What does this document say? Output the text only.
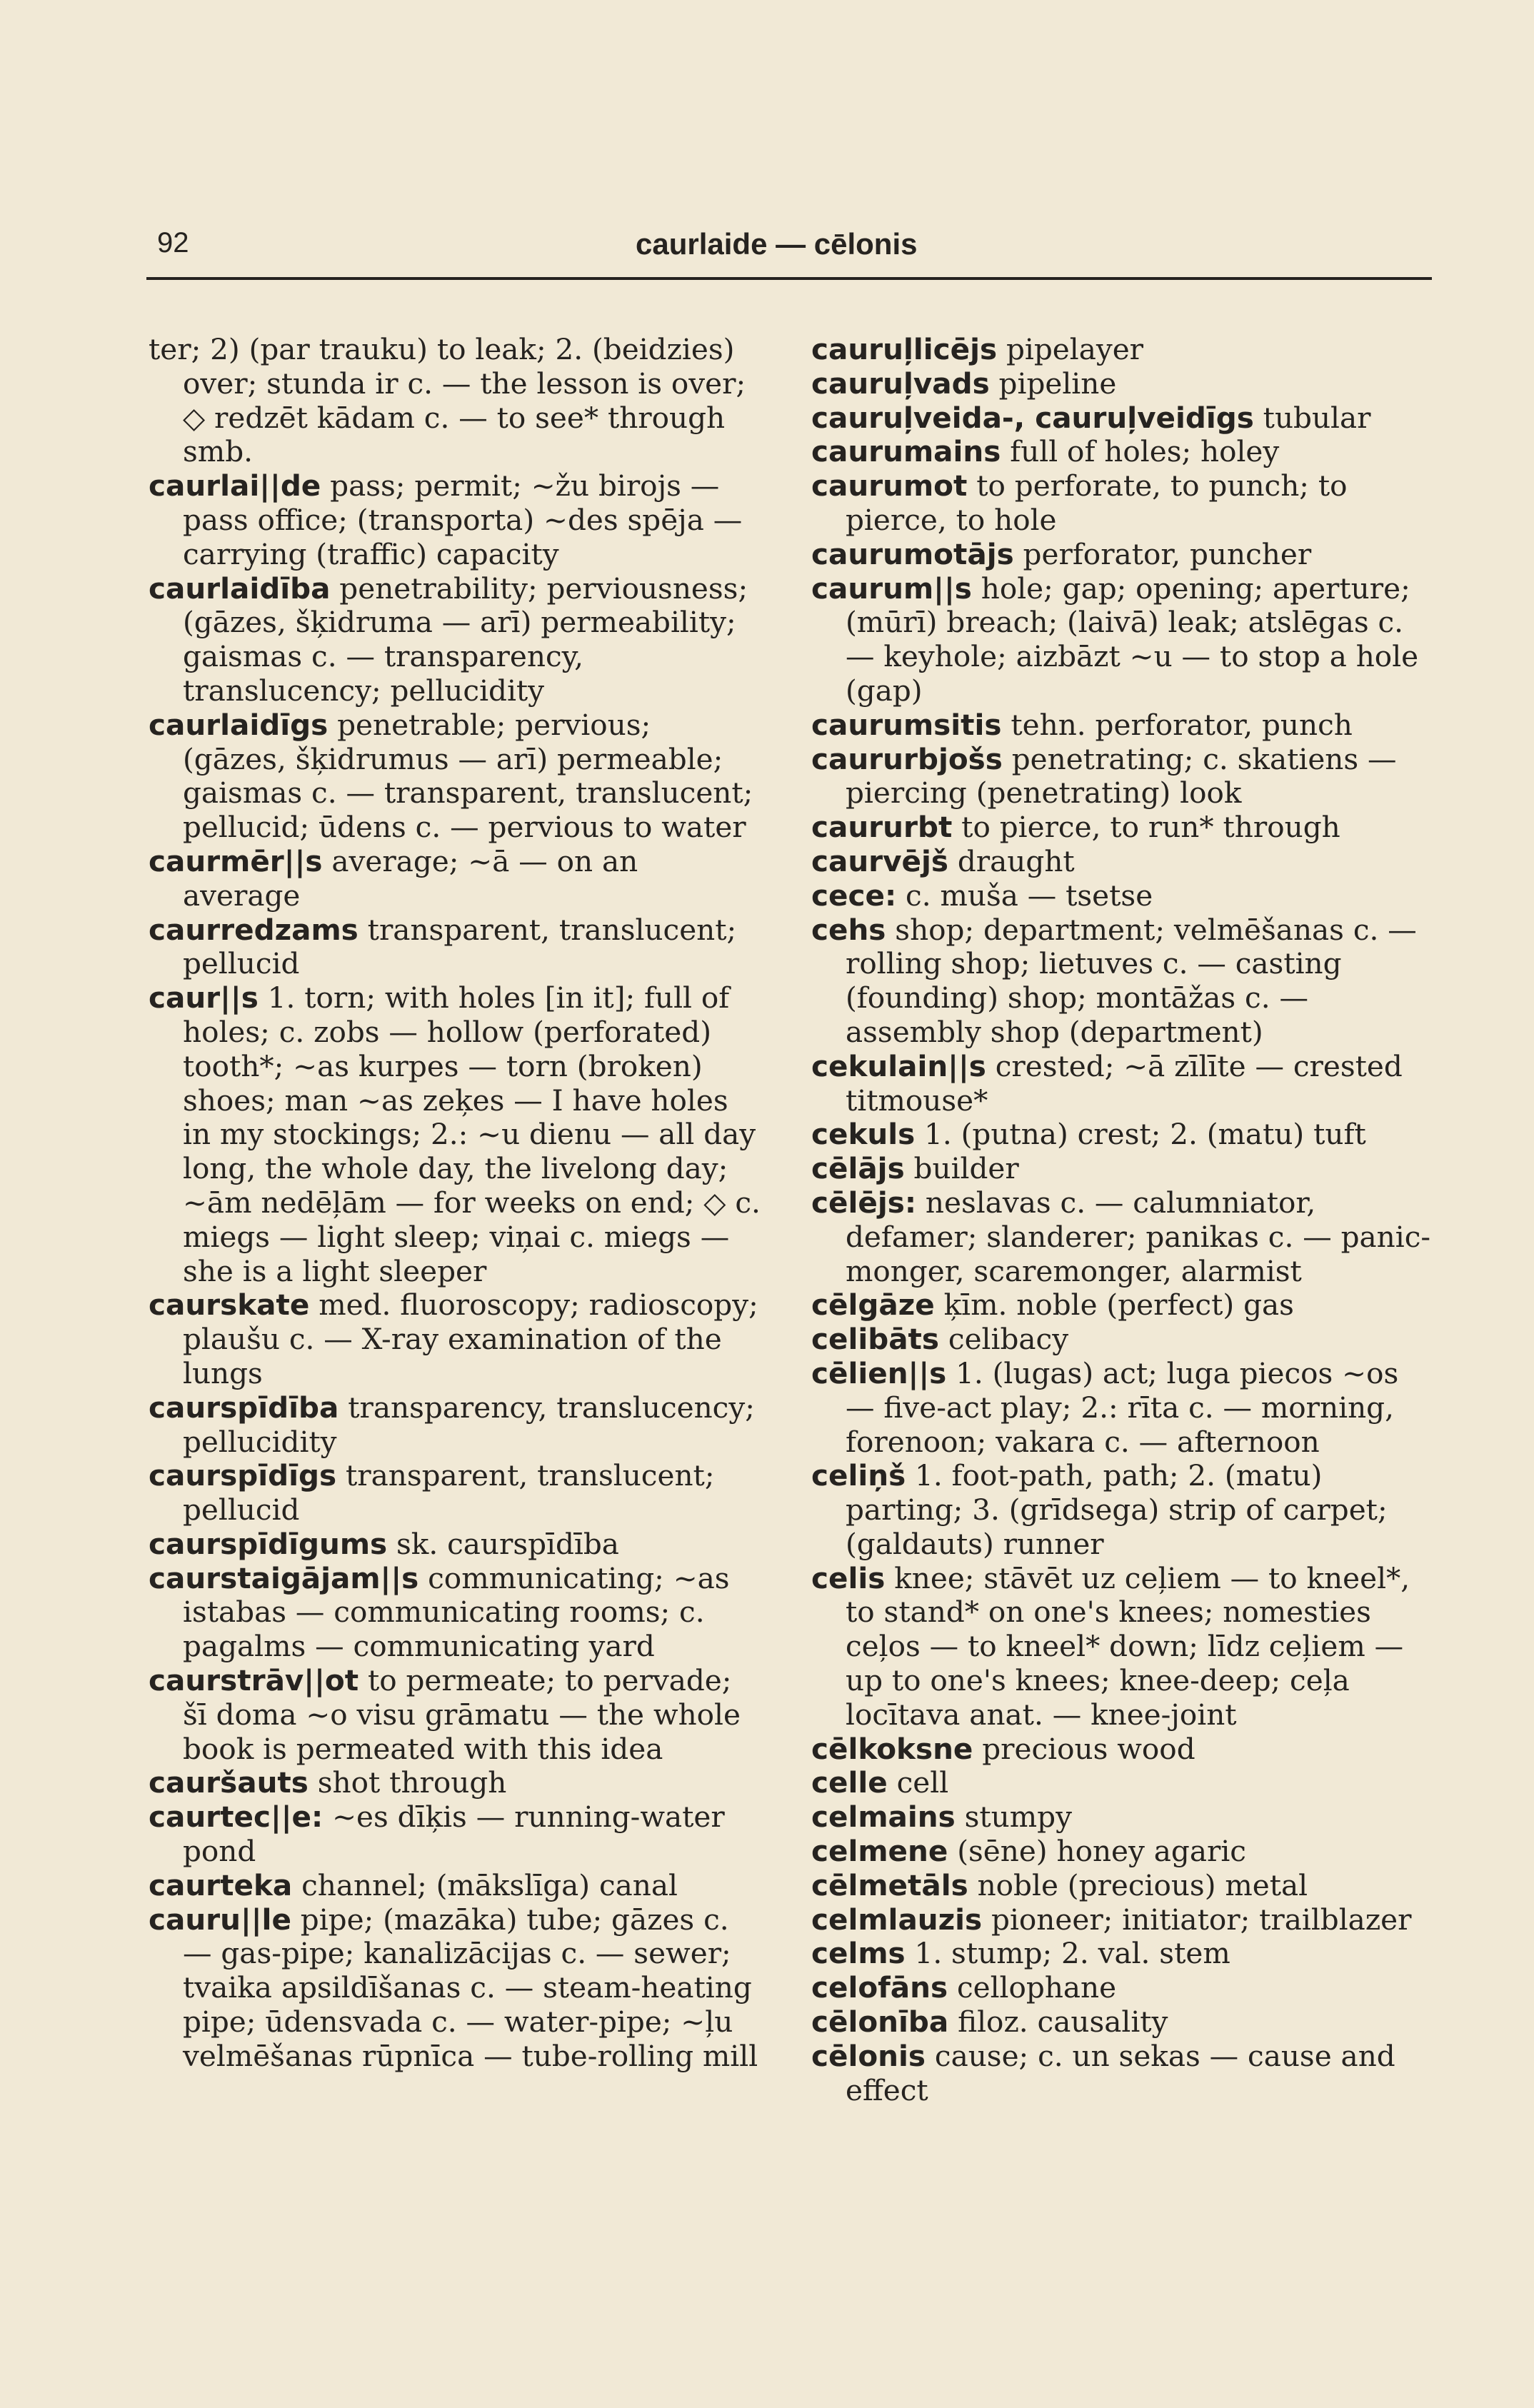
92	caurlaide — cēlonis

ter; 2) (par trauku) to leak; 2. (beidzies) over; stunda ir c. — the lesson is over; ◇ redzēt kādam c. — to see* through smb.

caurlai||de pass; permit; ~žu birojs — pass office; (transporta) ~des spēja — carrying (traffic) capacity

caurlaidība penetrability; perviousness; (gāzes, šķidruma — arī) permeability; gaismas c. — transparency, translucency; pellucidity

caurlaidīgs penetrable; pervious; (gāzes, šķidrumus — arī) permeable; gaismas c. — transparent, translucent; pellucid; ūdens c. — pervious to water

caurmēr||s average; ~ā — on an average

caurredzams transparent, translucent; pellucid

caur||s 1. torn; with holes [in it]; full of holes; c. zobs — hollow (perforated) tooth*; ~as kurpes — torn (broken) shoes; man ~as zeķes — I have holes in my stockings; 2.: ~u dienu — all day long, the whole day, the livelong day; ~ām nedēļām — for weeks on end; ◇ c. miegs — light sleep; viņai c. miegs — she is a light sleeper

caurskate med. fluoroscopy; radioscopy; plaušu c. — X-ray examination of the lungs

caurspīdība transparency, translucency; pellucidity

caurspīdīgs transparent, translucent; pellucid

caurspīdīgums sk. caurspīdība

caurstaigājam||s communicating; ~as istabas — communicating rooms; c. pagalms — communicating yard

caurstrāv||ot to permeate; to pervade; šī doma ~o visu grāmatu — the whole book is permeated with this idea

cauršauts shot through

caurtec||e: ~es dīķis — running-water pond

caurteka channel; (mākslīga) canal

cauru||le pipe; (mazāka) tube; gāzes c. — gas-pipe; kanalizācijas c. — sewer; tvaika apsildīšanas c. — steam-heating pipe; ūdensvada c. — water-pipe; ~ļu velmēšanas rūpnīca — tube-rolling mill

cauruļlicējs pipelayer

cauruļvads pipeline

cauruļveida-, cauruļveidīgs tubular

caurumains full of holes; holey

caurumot to perforate, to punch; to pierce, to hole

caurumotājs perforator, puncher

caurum||s hole; gap; opening; aperture; (mūrī) breach; (laivā) leak; atslēgas c. — keyhole; aizbāzt ~u — to stop a hole (gap)

caurumsitis tehn. perforator, punch

caururbjošs penetrating; c. skatiens — piercing (penetrating) look

caururbt to pierce, to run* through

caurvējš draught

cece: c. muša — tsetse

cehs shop; department; velmēšanas c. — rolling shop; lietuves c. — casting (founding) shop; montāžas c. — assembly shop (department)

cekulain||s crested; ~ā zīlīte — crested titmouse*

cekuls 1. (putna) crest; 2. (matu) tuft

cēlājs builder

cēlējs: neslavas c. — calumniator, defamer; slanderer; panikas c. — panic-monger, scaremonger, alarmist

cēlgāze ķīm. noble (perfect) gas

celibāts celibacy

cēlien||s 1. (lugas) act; luga piecos ~os — five-act play; 2.: rīta c. — morning, forenoon; vakara c. — afternoon

celiņš 1. foot-path, path; 2. (matu) parting; 3. (grīdsega) strip of carpet; (galdauts) runner

celis knee; stāvēt uz ceļiem — to kneel*, to stand* on one's knees; nomesties ceļos — to kneel* down; līdz ceļiem — up to one's knees; knee-deep; ceļa locītava anat. — knee-joint

cēlkoksne precious wood

celle cell

celmains stumpy

celmene (sēne) honey agaric

cēlmetāls noble (precious) metal

celmlauzis pioneer; initiator; trailblazer

celms 1. stump; 2. val. stem

celofāns cellophane

cēlonība filoz. causality

cēlonis cause; c. un sekas — cause and effect
